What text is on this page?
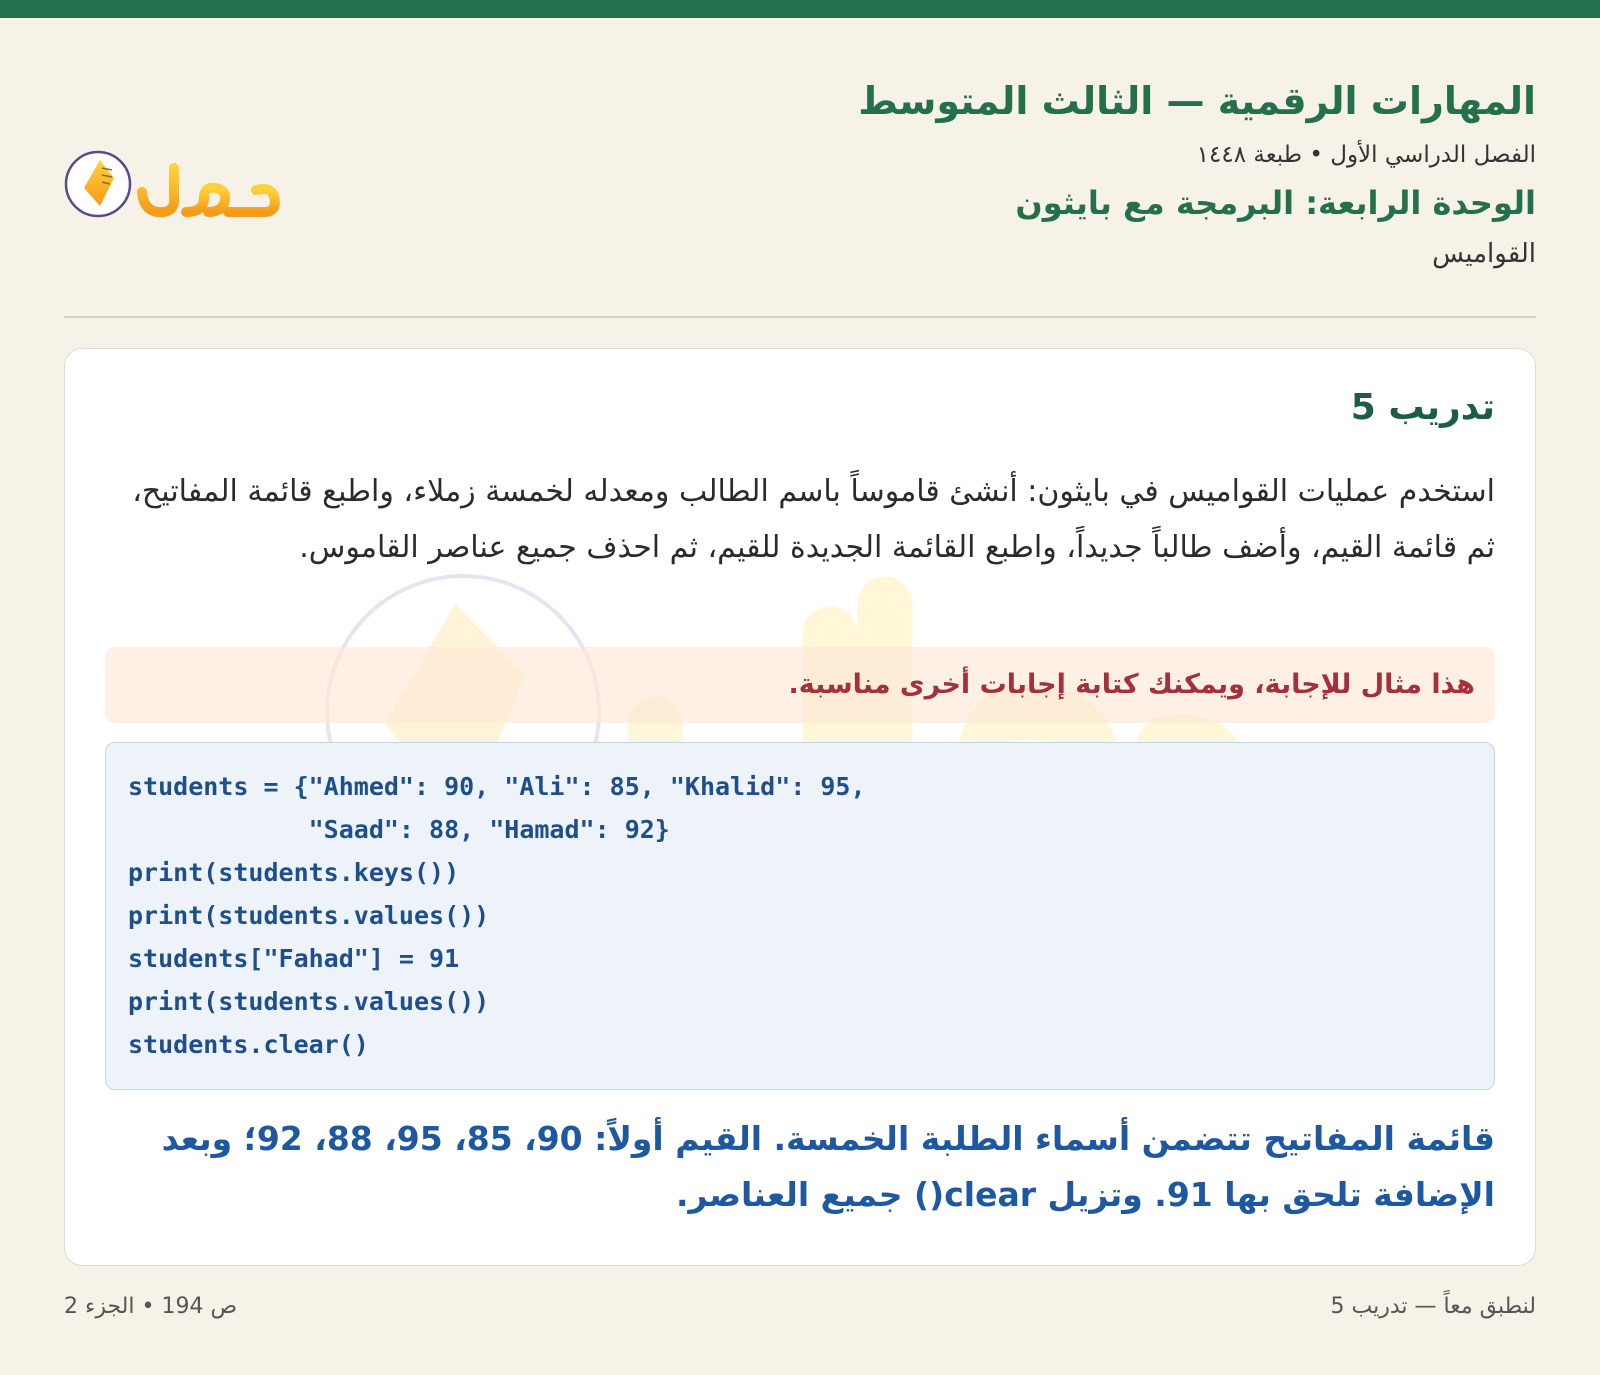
المهارات الرقمية — الثالث المتوسط
الفصل الدراسي الأول • طبعة ١٤٤٨
الوحدة الرابعة: البرمجة مع بايثون
القواميس
تدريب 5
استخدم عمليات القواميس في بايثون: أنشئ قاموساً باسم الطالب ومعدله لخمسة زملاء، واطبع قائمة المفاتيح، ثم قائمة القيم، وأضف طالباً جديداً، واطبع القائمة الجديدة للقيم، ثم احذف جميع عناصر القاموس.
هذا مثال للإجابة، ويمكنك كتابة إجابات أخرى مناسبة.
students = {"Ahmed": 90, "Ali": 85, "Khalid": 95,
"Saad": 88, "Hamad": 92}
print(students.keys())
print(students.values())
students["Fahad"] = 91
print(students.values())
students.clear()
قائمة المفاتيح تتضمن أسماء الطلبة الخمسة. القيم أولاً: 90، 85، 95، 88، 92؛ وبعد الإضافة تلحق بها 91. وتزيل clear() جميع العناصر.
لنطبق معاً — تدريب 5
ص 194 • الجزء 2
